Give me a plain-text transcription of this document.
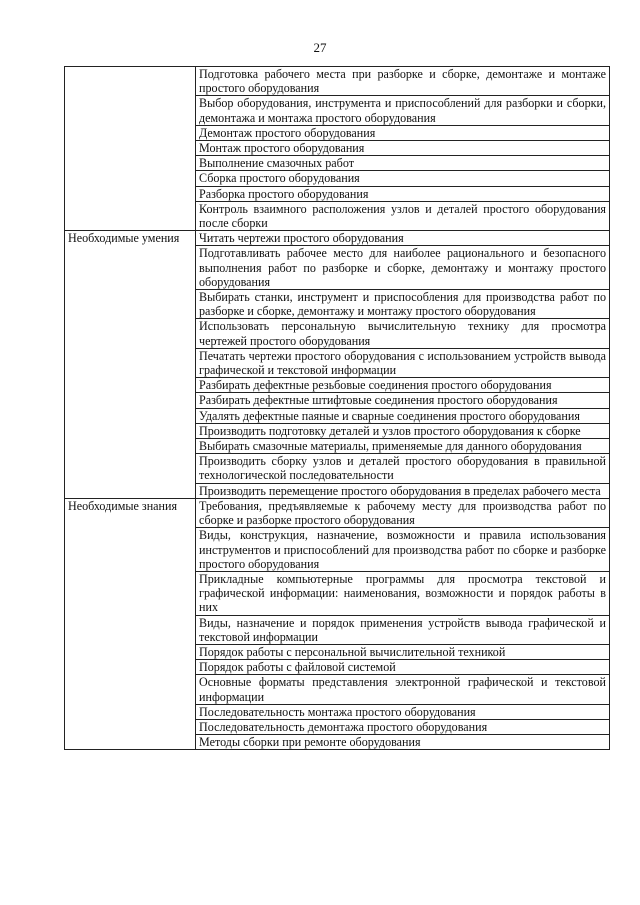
27
	Подготовка рабочего места при разборке и сборке, демонтаже и монтаже простого оборудования
	Выбор оборудования, инструмента и приспособлений для разборки и сборки, демонтажа и монтажа простого оборудования
	Демонтаж простого оборудования
	Монтаж простого оборудования
	Выполнение смазочных работ
	Сборка простого оборудования
	Разборка простого оборудования
	Контроль взаимного расположения узлов и деталей простого оборудования после сборки
Необходимые умения	Читать чертежи простого оборудования
	Подготавливать рабочее место для наиболее рационального и безопасного выполнения работ по разборке и сборке, демонтажу и монтажу простого оборудования
	Выбирать станки, инструмент и приспособления для производства работ по разборке и сборке, демонтажу и монтажу простого оборудования
	Использовать персональную вычислительную технику для просмотра чертежей простого оборудования
	Печатать чертежи простого оборудования с использованием устройств вывода графической и текстовой информации
	Разбирать дефектные резьбовые соединения простого оборудования
	Разбирать дефектные штифтовые соединения простого оборудования
	Удалять дефектные паяные и сварные соединения простого оборудования
	Производить подготовку деталей и узлов простого оборудования к сборке
	Выбирать смазочные материалы, применяемые для данного оборудования
	Производить сборку узлов и деталей простого оборудования в правильной технологической последовательности
	Производить перемещение простого оборудования в пределах рабочего места
Необходимые знания	Требования, предъявляемые к рабочему месту для производства работ по сборке и разборке простого оборудования
	Виды, конструкция, назначение, возможности и правила использования инструментов и приспособлений для производства работ по сборке и разборке простого оборудования
	Прикладные компьютерные программы для просмотра текстовой и графической информации: наименования, возможности и порядок работы в них
	Виды, назначение и порядок применения устройств вывода графической и текстовой информации
	Порядок работы с персональной вычислительной техникой
	Порядок работы с файловой системой
	Основные форматы представления электронной графической и текстовой информации
	Последовательность монтажа простого оборудования
	Последовательность демонтажа простого оборудования
	Методы сборки при ремонте оборудования
